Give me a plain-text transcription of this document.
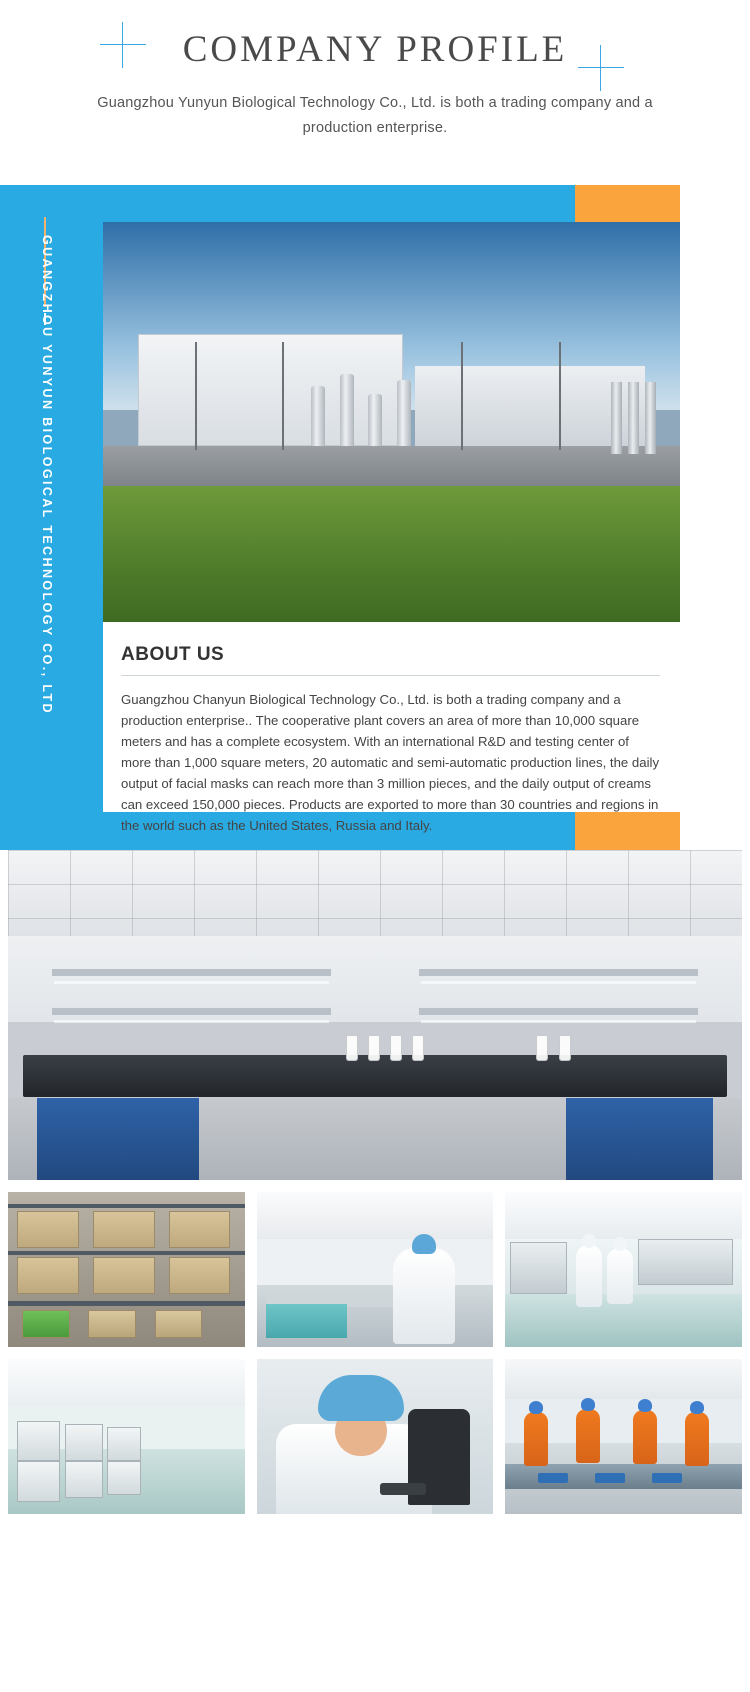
COMPANY PROFILE

Guangzhou Yunyun Biological Technology Co., Ltd. is both a trading company and a production enterprise.

GUANGZHOU YUNYUN BIOLOGICAL TECHNOLOGY CO., LTD	ABOUT US

Guangzhou Chanyun Biological Technology Co., Ltd. is both a trading company and a production enterprise.. The cooperative plant covers an area of more than 10,000 square meters and has a complete ecosystem. With an international R&D and testing center of more than 1,000 square meters, 20 automatic and semi-automatic production lines, the daily output of facial masks can reach more than 3 million pieces, and the daily output of creams can exceed 150,000 pieces. Products are exported to more than 30 countries and regions in the world such as the United States, Russia and Italy.
